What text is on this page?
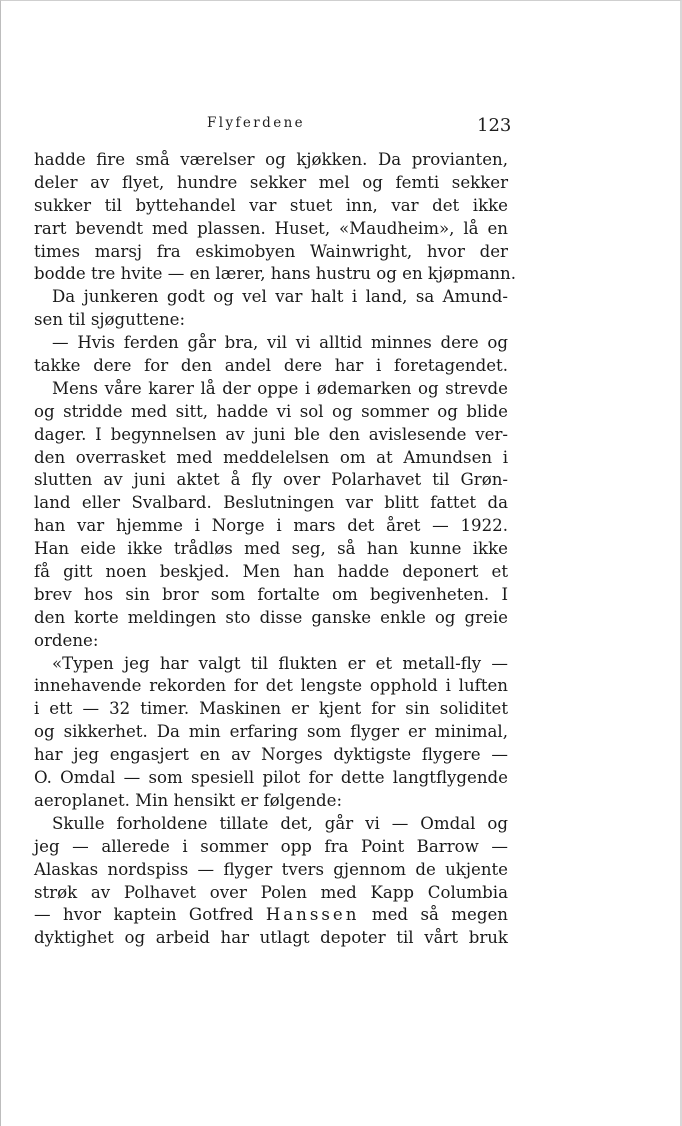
Flyferdene	123
hadde fire små værelser og kjøkken. Da provianten,
deler av flyet, hundre sekker mel og femti sekker
sukker til byttehandel var stuet inn, var det ikke
rart bevendt med plassen. Huset, «Maudheim», lå en
times marsj fra eskimobyen Wainwright, hvor der
bodde tre hvite — en lærer, hans hustru og en kjøpmann.
Da junkeren godt og vel var halt i land, sa Amund-
sen til sjøguttene:
— Hvis ferden går bra, vil vi alltid minnes dere og
takke dere for den andel dere har i foretagendet.
Mens våre karer lå der oppe i ødemarken og strevde
og stridde med sitt, hadde vi sol og sommer og blide
dager. I begynnelsen av juni ble den avislesende ver-
den overrasket med meddelelsen om at Amundsen i
slutten av juni aktet å fly over Polarhavet til Grøn-
land eller Svalbard. Beslutningen var blitt fattet da
han var hjemme i Norge i mars det året — 1922.
Han eide ikke trådløs med seg, så han kunne ikke
få gitt noen beskjed. Men han hadde deponert et
brev hos sin bror som fortalte om begivenheten. I
den korte meldingen sto disse ganske enkle og greie
ordene:
«Typen jeg har valgt til flukten er et metall-fly —
innehavende rekorden for det lengste opphold i luften
i ett — 32 timer. Maskinen er kjent for sin soliditet
og sikkerhet. Da min erfaring som flyger er minimal,
har jeg engasjert en av Norges dyktigste flygere —
O. Omdal — som spesiell pilot for dette langtflygende
aeroplanet. Min hensikt er følgende:
Skulle forholdene tillate det, går vi — Omdal og
jeg — allerede i sommer opp fra Point Barrow —
Alaskas nordspiss — flyger tvers gjennom de ukjente
strøk av Polhavet over Polen med Kapp Columbia
— hvor kaptein Gotfred Hanssen med så megen
dyktighet og arbeid har utlagt depoter til vårt bruk
